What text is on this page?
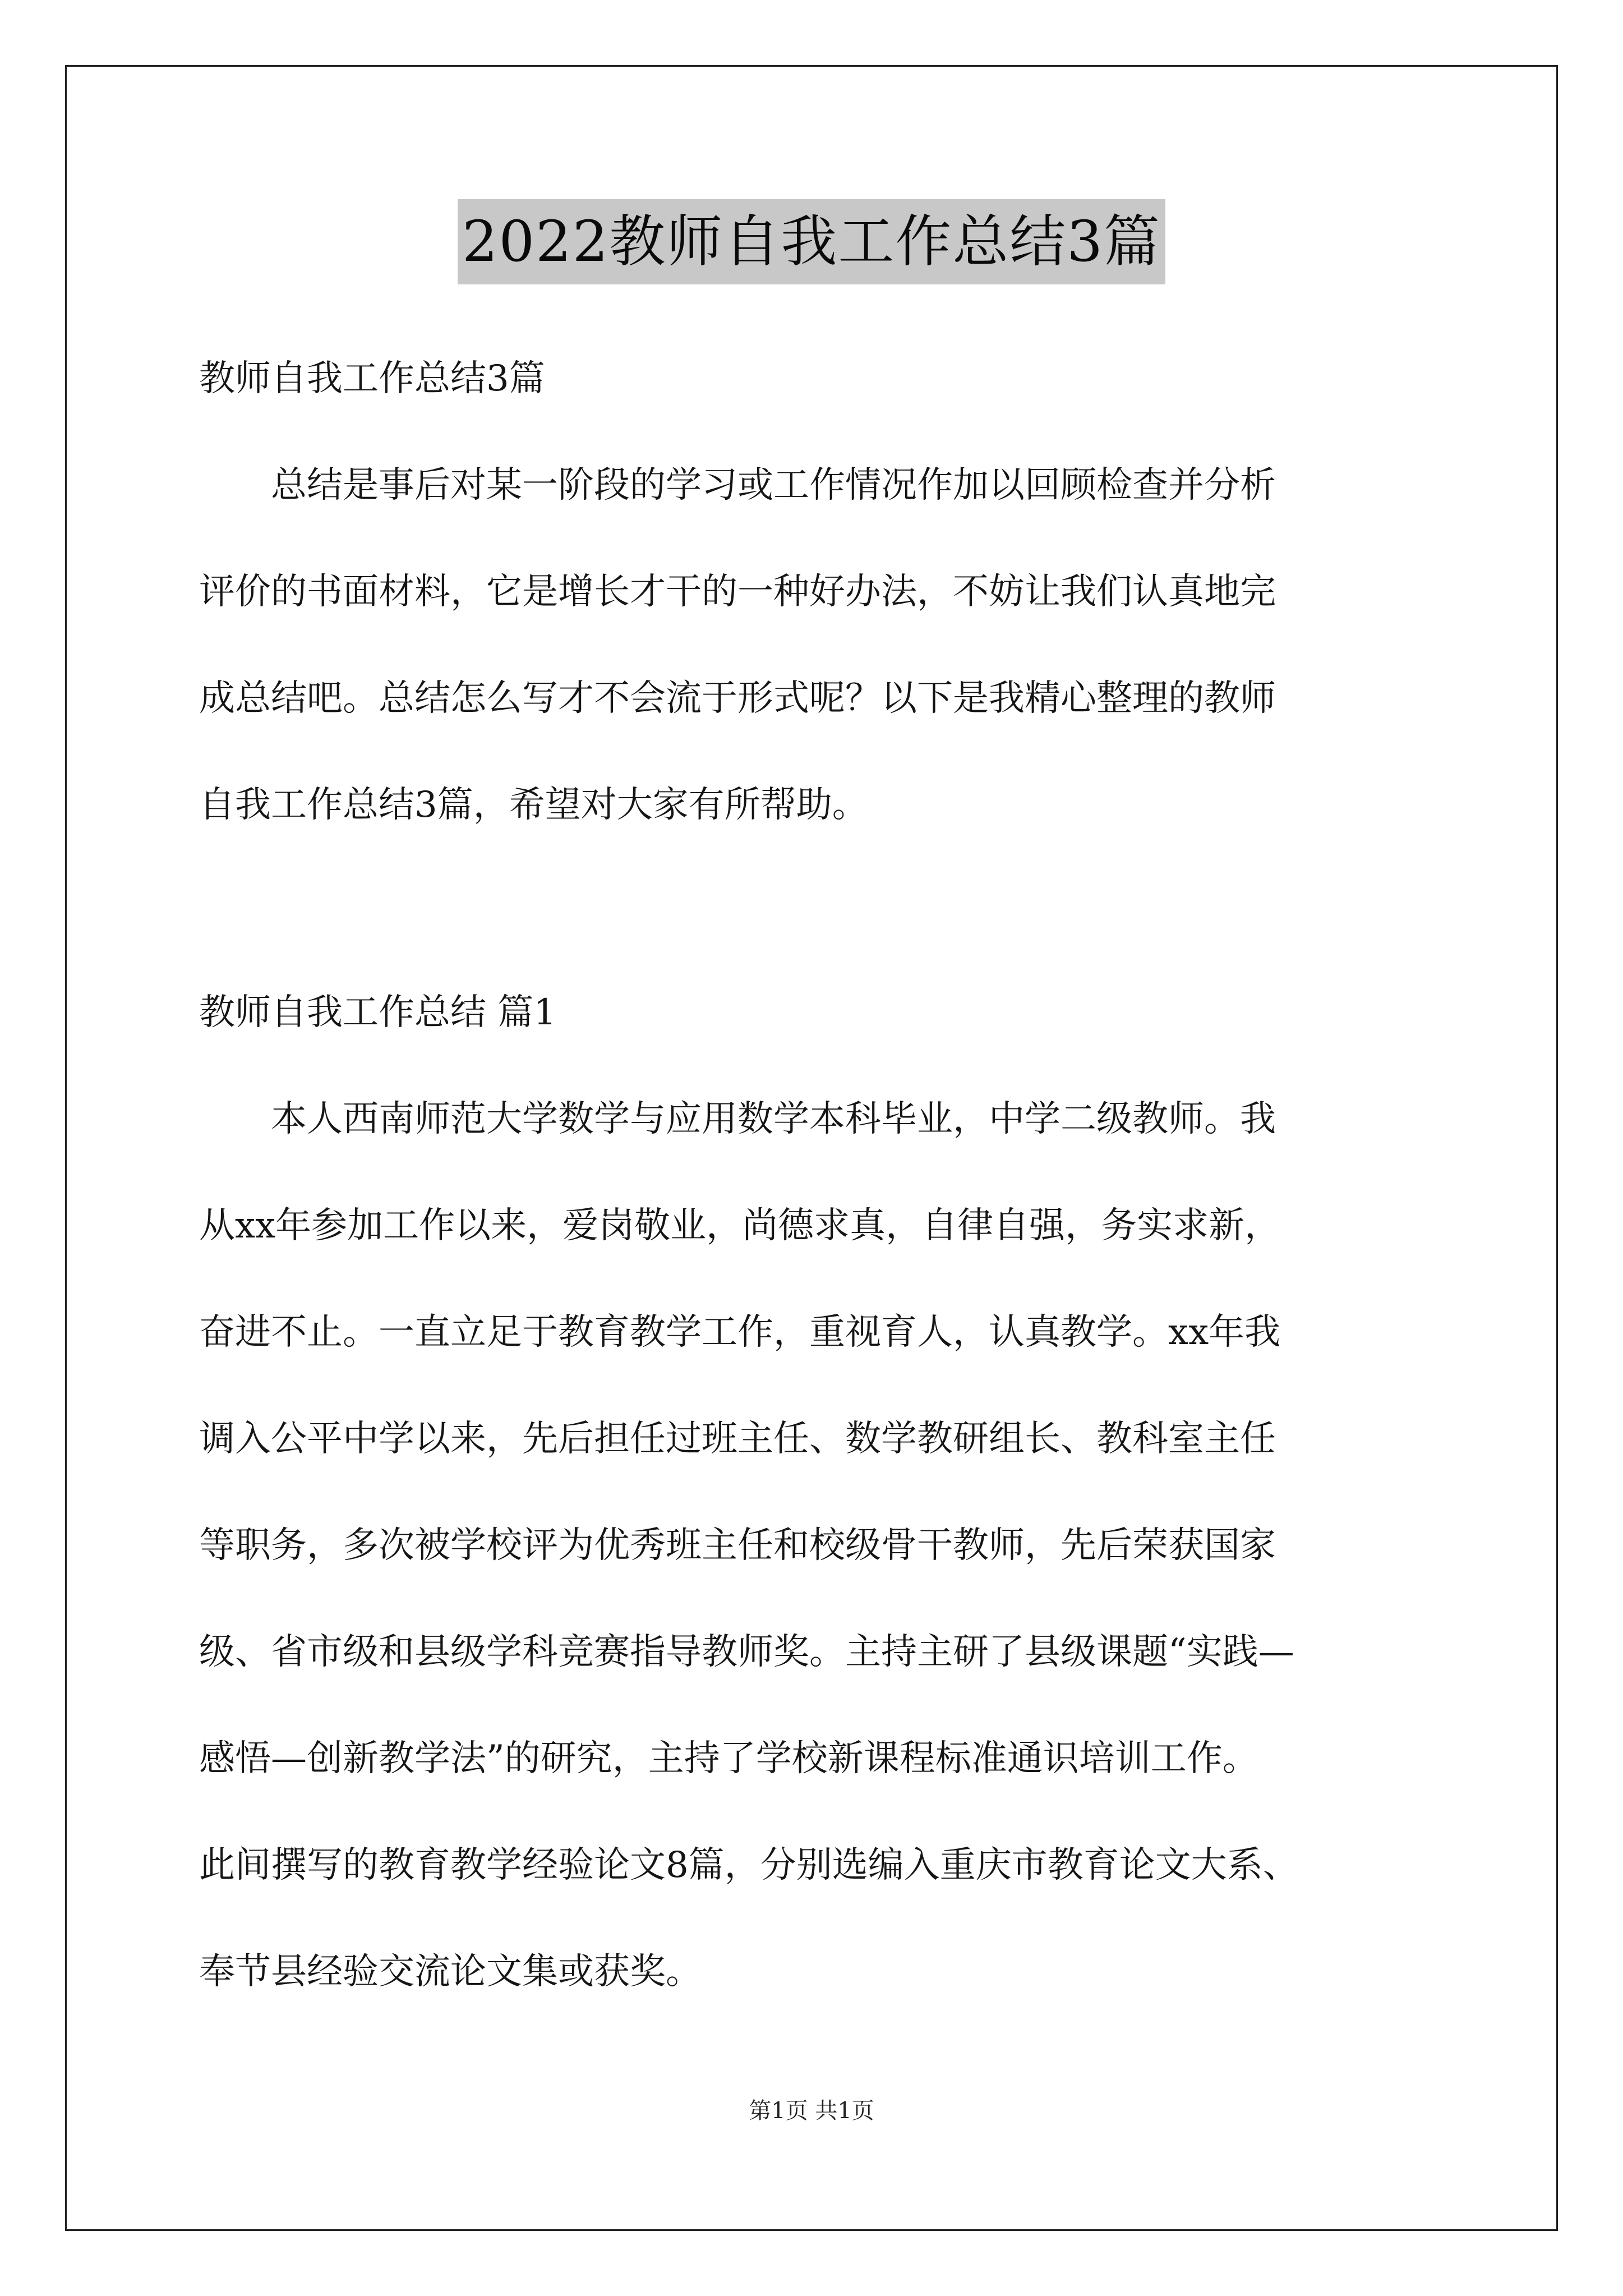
2022教师自我工作总结3篇
教师自我工作总结3篇
总结是事后对某一阶段的学习或工作情况作加以回顾检查并分析
评价的书面材料，它是增长才干的一种好办法，不妨让我们认真地完
成总结吧。总结怎么写才不会流于形式呢？以下是我精心整理的教师
自我工作总结3篇，希望对大家有所帮助。
教师自我工作总结 篇1
本人西南师范大学数学与应用数学本科毕业，中学二级教师。我
从xx年参加工作以来，爱岗敬业，尚德求真，自律自强，务实求新，
奋进不止。一直立足于教育教学工作，重视育人，认真教学。xx年我
调入公平中学以来，先后担任过班主任、数学教研组长、教科室主任
等职务，多次被学校评为优秀班主任和校级骨干教师，先后荣获国家
级、省市级和县级学科竞赛指导教师奖。主持主研了县级课题“实践—
感悟—创新教学法”的研究，主持了学校新课程标准通识培训工作。
此间撰写的教育教学经验论文8篇，分别选编入重庆市教育论文大系、
奉节县经验交流论文集或获奖。
第1页 共1页
